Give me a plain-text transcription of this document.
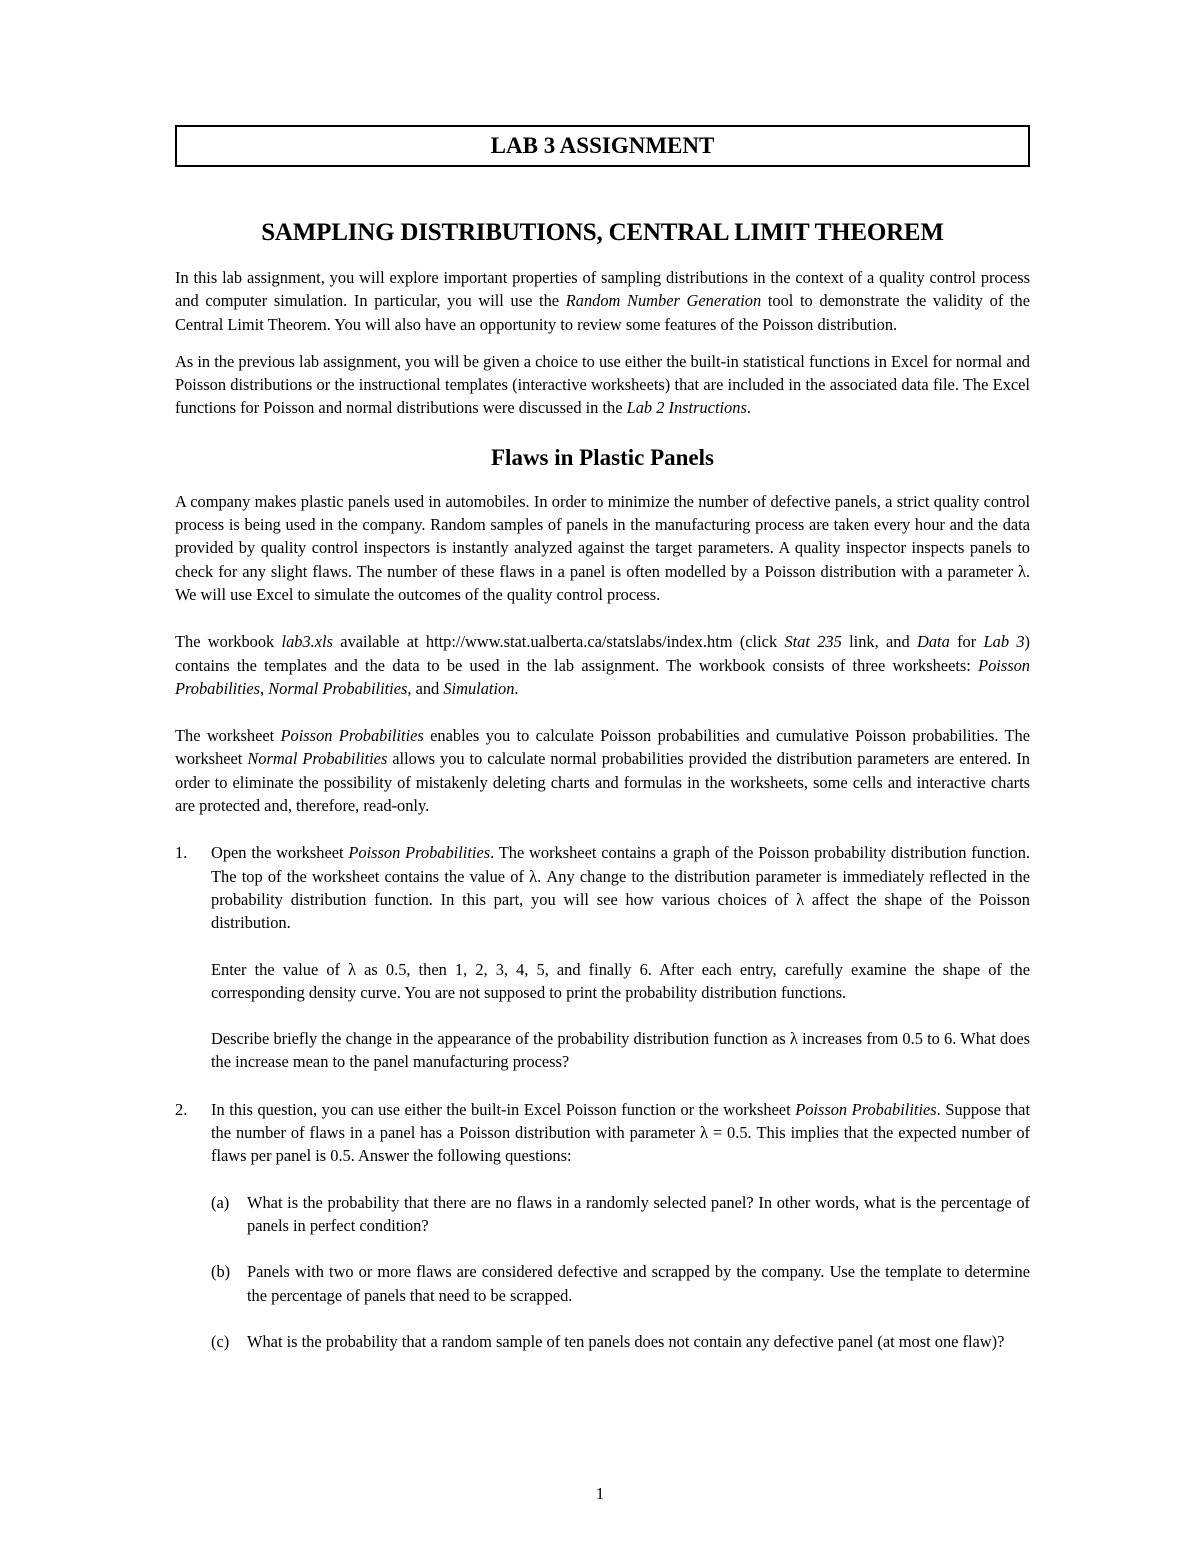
LAB 3 ASSIGNMENT
SAMPLING DISTRIBUTIONS, CENTRAL LIMIT THEOREM

In this lab assignment, you will explore important properties of sampling distributions in the context of a quality control process and computer simulation. In particular, you will use the Random Number Generation tool to demonstrate the validity of the Central Limit Theorem. You will also have an opportunity to review some features of the Poisson distribution.

As in the previous lab assignment, you will be given a choice to use either the built-in statistical functions in Excel for normal and Poisson distributions or the instructional templates (interactive worksheets) that are included in the associated data file. The Excel functions for Poisson and normal distributions were discussed in the Lab 2 Instructions.

Flaws in Plastic Panels

A company makes plastic panels used in automobiles. In order to minimize the number of defective panels, a strict quality control process is being used in the company. Random samples of panels in the manufacturing process are taken every hour and the data provided by quality control inspectors is instantly analyzed against the target parameters. A quality inspector inspects panels to check for any slight flaws. The number of these flaws in a panel is often modelled by a Poisson distribution with a parameter λ. We will use Excel to simulate the outcomes of the quality control process.

The workbook lab3.xls available at http://www.stat.ualberta.ca/statslabs/index.htm (click Stat 235 link, and Data for Lab 3) contains the templates and the data to be used in the lab assignment. The workbook consists of three worksheets: Poisson Probabilities, Normal Probabilities, and Simulation.

The worksheet Poisson Probabilities enables you to calculate Poisson probabilities and cumulative Poisson probabilities. The worksheet Normal Probabilities allows you to calculate normal probabilities provided the distribution parameters are entered. In order to eliminate the possibility of mistakenly deleting charts and formulas in the worksheets, some cells and interactive charts are protected and, therefore, read-only.

1. Open the worksheet Poisson Probabilities. The worksheet contains a graph of the Poisson probability distribution function. The top of the worksheet contains the value of λ. Any change to the distribution parameter is immediately reflected in the probability distribution function. In this part, you will see how various choices of λ affect the shape of the Poisson distribution.

Enter the value of λ as 0.5, then 1, 2, 3, 4, 5, and finally 6. After each entry, carefully examine the shape of the corresponding density curve. You are not supposed to print the probability distribution functions.

Describe briefly the change in the appearance of the probability distribution function as λ increases from 0.5 to 6. What does the increase mean to the panel manufacturing process?

2. In this question, you can use either the built-in Excel Poisson function or the worksheet Poisson Probabilities. Suppose that the number of flaws in a panel has a Poisson distribution with parameter λ = 0.5. This implies that the expected number of flaws per panel is 0.5. Answer the following questions:

(a) What is the probability that there are no flaws in a randomly selected panel? In other words, what is the percentage of panels in perfect condition?
(b) Panels with two or more flaws are considered defective and scrapped by the company. Use the template to determine the percentage of panels that need to be scrapped.
(c) What is the probability that a random sample of ten panels does not contain any defective panel (at most one flaw)?
1
